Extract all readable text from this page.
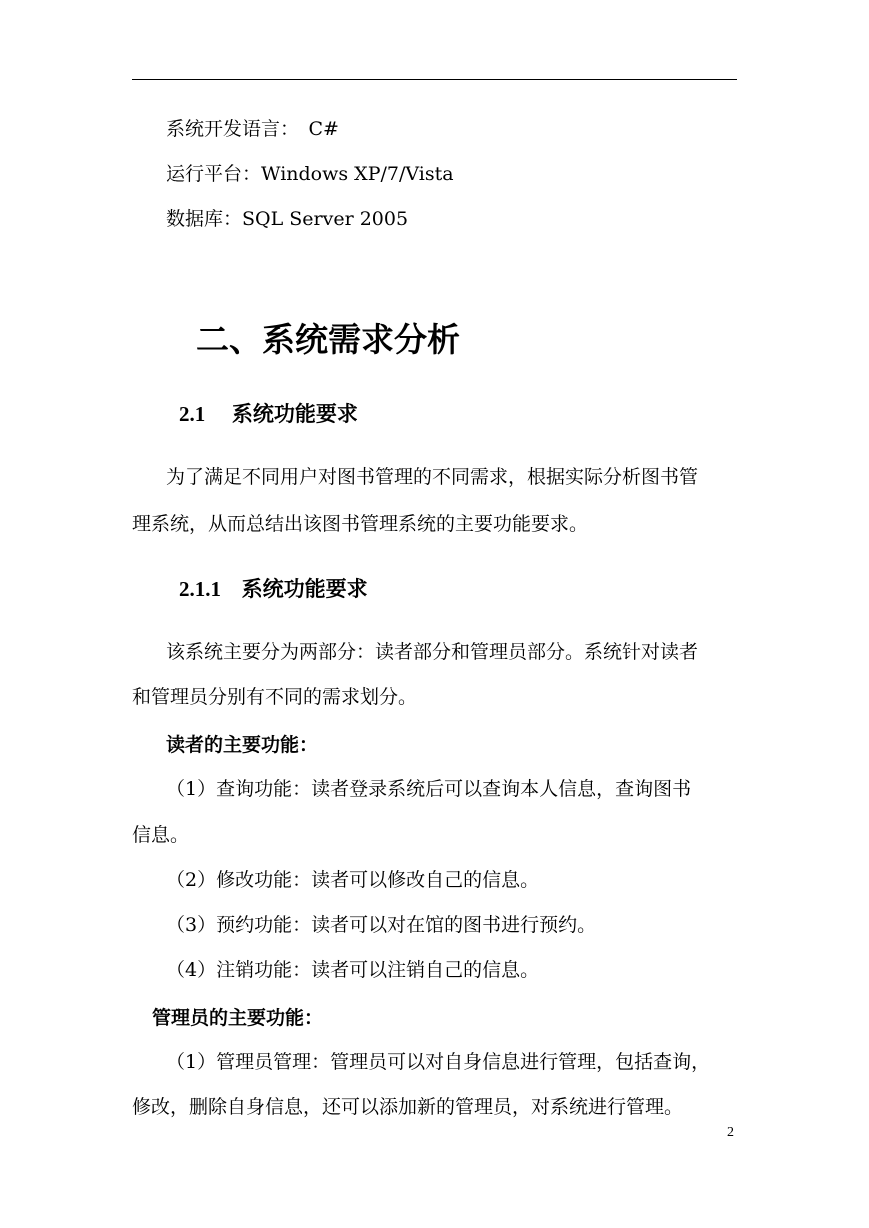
系统开发语言：　C#
运行平台：Windows XP/7/Vista
数据库：SQL Server 2005
二、系统需求分析
2.1 系统功能要求
为了满足不同用户对图书管理的不同需求，根据实际分析图书管
理系统，从而总结出该图书管理系统的主要功能要求。
2.1.1 系统功能要求
该系统主要分为两部分：读者部分和管理员部分。系统针对读者
和管理员分别有不同的需求划分。
读者的主要功能：
（1）查询功能：读者登录系统后可以查询本人信息，查询图书
信息。
（2）修改功能：读者可以修改自己的信息。
（3）预约功能：读者可以对在馆的图书进行预约。
（4）注销功能：读者可以注销自己的信息。
管理员的主要功能：
（1）管理员管理：管理员可以对自身信息进行管理，包括查询，
修改，删除自身信息，还可以添加新的管理员，对系统进行管理。
2
